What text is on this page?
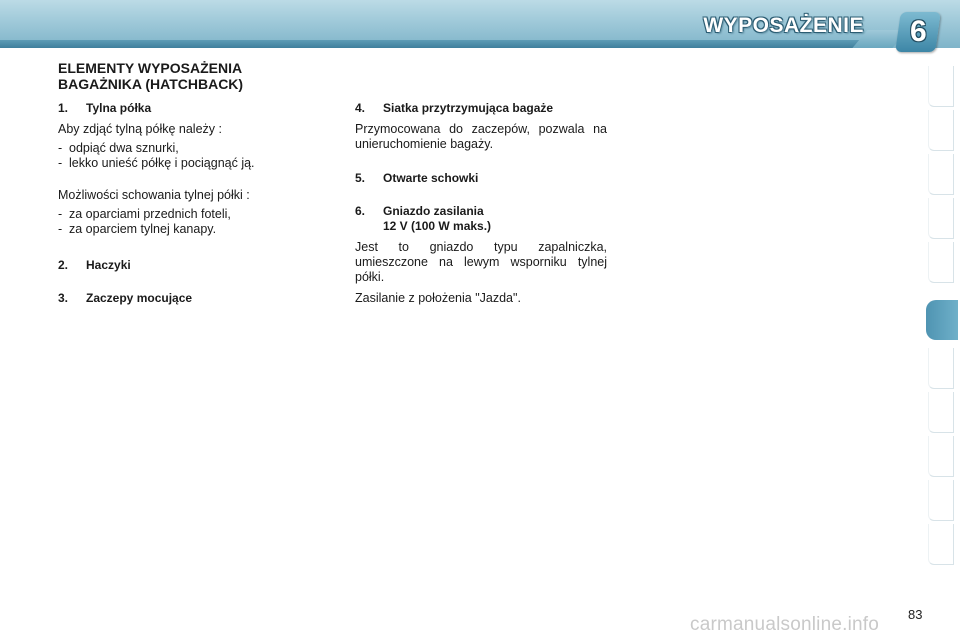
WYPOSAŻENIE 6
ELEMENTY WYPOSAŻENIA
BAGAŻNIKA (HATCHBACK)
1.	Tylna półka
Aby zdjąć tylną półkę należy :
- odpiąć dwa sznurki,
- lekko unieść półkę i pociągnąć ją.
Możliwości schowania tylnej półki :
- za oparciami przednich foteli,
- za oparciem tylnej kanapy.
2.	Haczyki
3.	Zaczepy mocujące
4.	Siatka przytrzymująca bagaże
Przymocowana do zaczepów, pozwala na unieruchomienie bagaży.
5.	Otwarte schowki
6.	Gniazdo zasilania
12 V (100 W maks.)
Jest to gniazdo typu zapalniczka, umieszczone na lewym wsporniku tylnej półki.
Zasilanie z położenia "Jazda".
83
carmanualsonline.info
